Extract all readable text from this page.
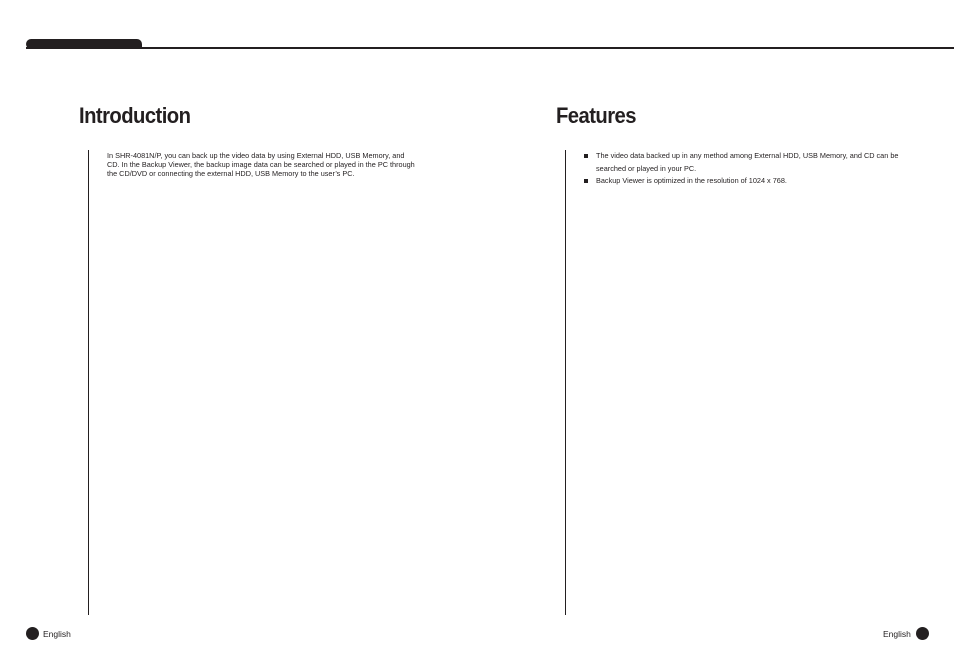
Introduction

In SHR-4081N/P, you can back up the video data by using External HDD, USB Memory, and CD. In the Backup Viewer, the backup image data can be searched or played in the PC through the CD/DVD or connecting the external HDD, USB Memory to the user’s PC.

Features
The video data backed up in any method among External HDD, USB Memory, and CD can be searched or played in your PC.
Backup Viewer is optimized in the resolution of 1024 x 768.
English	English
